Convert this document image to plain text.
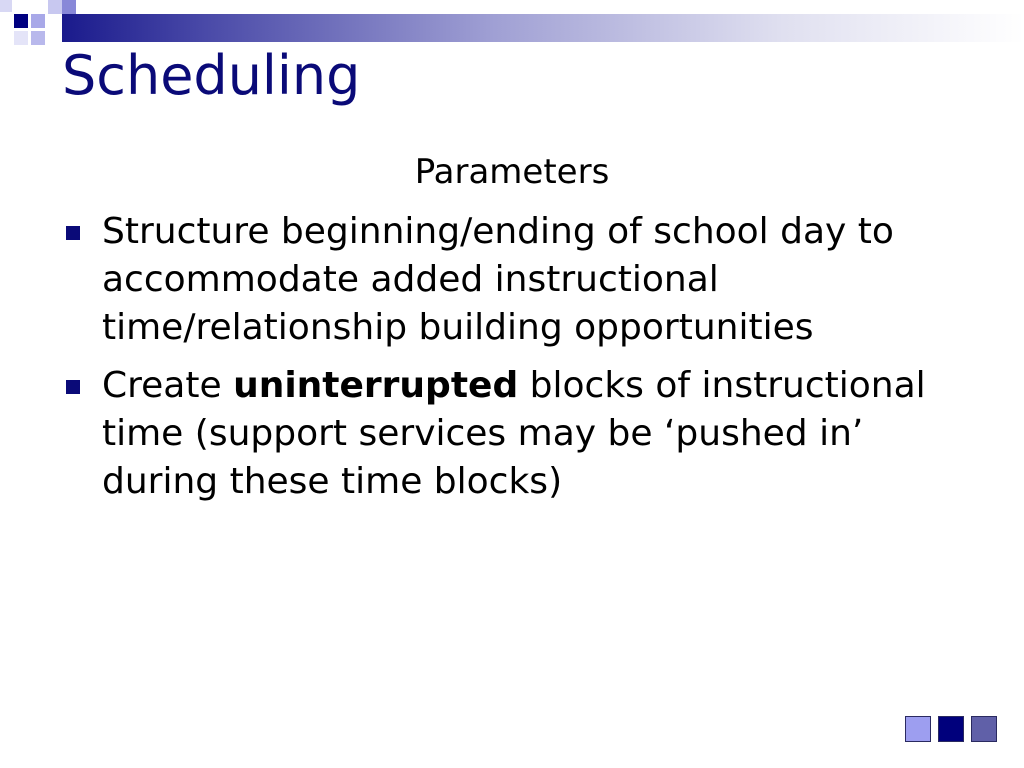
Scheduling
Parameters
Structure beginning/ending of school day to accommodate added instructional time/relationship building opportunities
Create uninterrupted blocks of instructional time (support services may be ‘pushed in’ during these time blocks)
